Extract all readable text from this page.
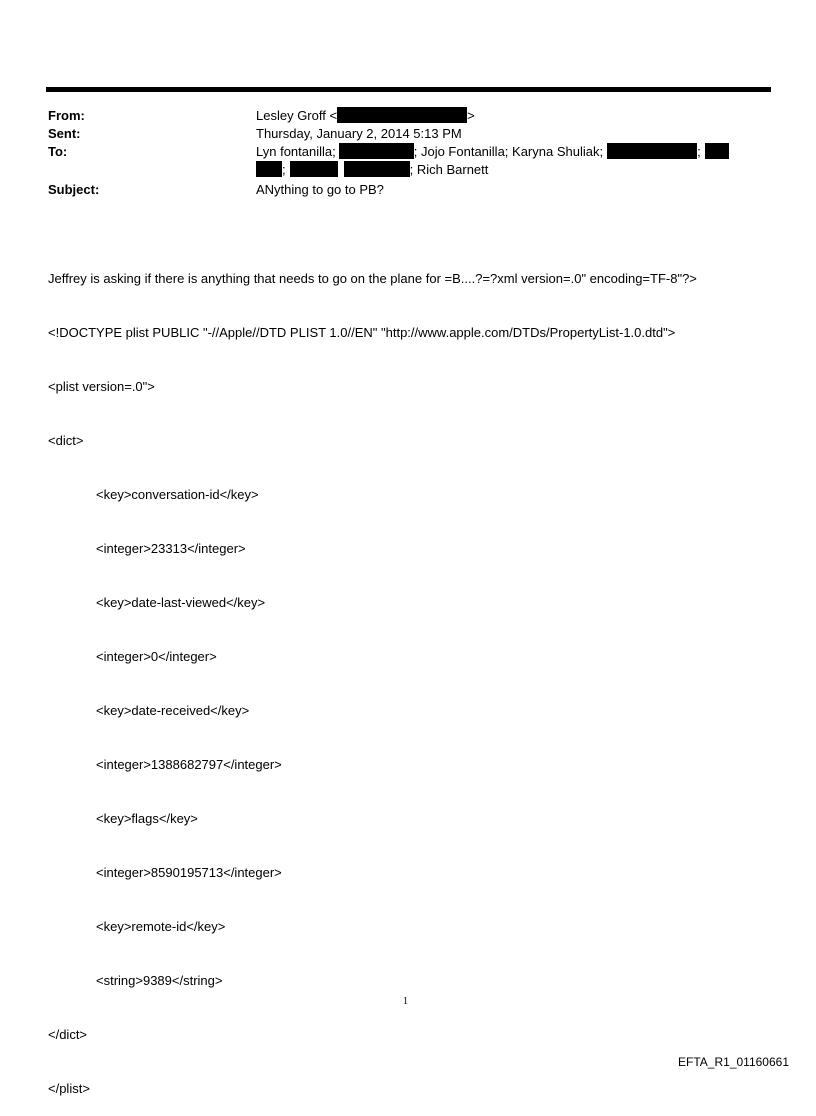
From:	Lesley Groff <	>
Sent:	Thursday, January 2, 2014 5:13 PM
To:	Lyn fontanilla;	; Jojo Fontanilla; Karyna Shuliak;	;
;	; Rich Barnett
Subject:	ANything to go to PB?

Jeffrey is asking if there is anything that needs to go on the plane for =B....?=?xml version=.0" encoding=TF-8"?>

<!DOCTYPE plist PUBLIC "-//Apple//DTD PLIST 1.0//EN" "http://www.apple.com/DTDs/PropertyList-1.0.dtd">

<plist version=.0">

<dict>

<key>conversation-id</key>

<integer>23313</integer>

<key>date-last-viewed</key>

<integer>0</integer>

<key>date-received</key>

<integer>1388682797</integer>

<key>flags</key>

<integer>8590195713</integer>

<key>remote-id</key>

<string>9389</string>

</dict>

</plist>

1
EFTA_R1_01160661
